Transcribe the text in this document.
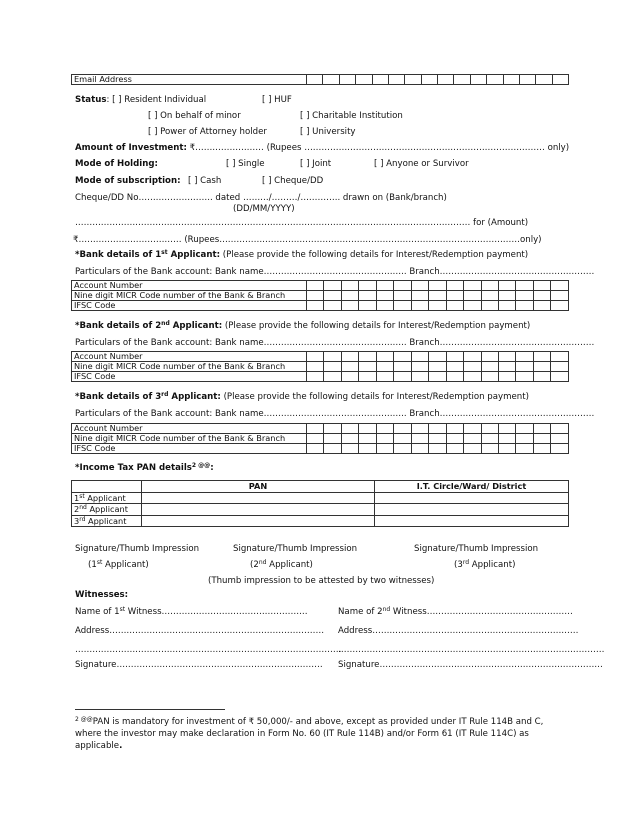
Email Address																
Status: [ ] Resident Individual	[ ] HUF
[ ] On behalf of minor	[ ] Charitable Institution
[ ] Power of Attorney holder	[ ] University
Amount of Investment: ₹…………………… (Rupees ………………………………………………………………………… only)
Mode of Holding:	[ ] Single	[ ] Joint	[ ] Anyone or Survivor
Mode of subscription: [ ] Cash	[ ] Cheque/DD
Cheque/DD No…………………….. dated ………/………/………….. drawn on (Bank/branch)
(DD/MM/YYYY)
………………………………………………………………………………………………………………………… for (Amount)
₹……………………………… (Rupees……………………………………………………………………………………………only)
*Bank details of 1st Applicant: (Please provide the following details for Interest/Redemption payment)
Particulars of the Bank account: Bank name………………………………………….. Branch………………………………………………
Account Number															
Nine digit MICR Code number of the Bank & Branch															
IFSC Code															
*Bank details of 2nd Applicant: (Please provide the following details for Interest/Redemption payment)
Particulars of the Bank account: Bank name………………………………………….. Branch………………………………………………
Account Number															
Nine digit MICR Code number of the Bank & Branch															
IFSC Code															
*Bank details of 3rd Applicant: (Please provide the following details for Interest/Redemption payment)
Particulars of the Bank account: Bank name………………………………………….. Branch………………………………………………
Account Number															
Nine digit MICR Code number of the Bank & Branch															
IFSC Code															
*Income Tax PAN details$^{2 @@}$:
	PAN	I.T. Circle/Ward/ District
1st Applicant		
2nd Applicant		
3rd Applicant		
Signature/Thumb Impression	Signature/Thumb Impression	Signature/Thumb Impression
(1st Applicant)	(2nd Applicant)	(3rd Applicant)
(Thumb impression to be attested by two witnesses)
Witnesses:
Name of 1st Witness……………………………………………	Name of 2nd Witness……………………………………………
Address………………………………………………………………… Address………………………………………………………………
…………………………………………………………………………………
…………………………………………………………………………………
Signature……………………………………………………………… Signature……………………………………………………………………
$^{2 @@}$PAN is mandatory for investment of ₹ 50,000/- and above, except as provided under IT Rule 114B and C,
where the investor may make declaration in Form No. 60 (IT Rule 114B) and/or Form 61 (IT Rule 114C) as
applicable.
